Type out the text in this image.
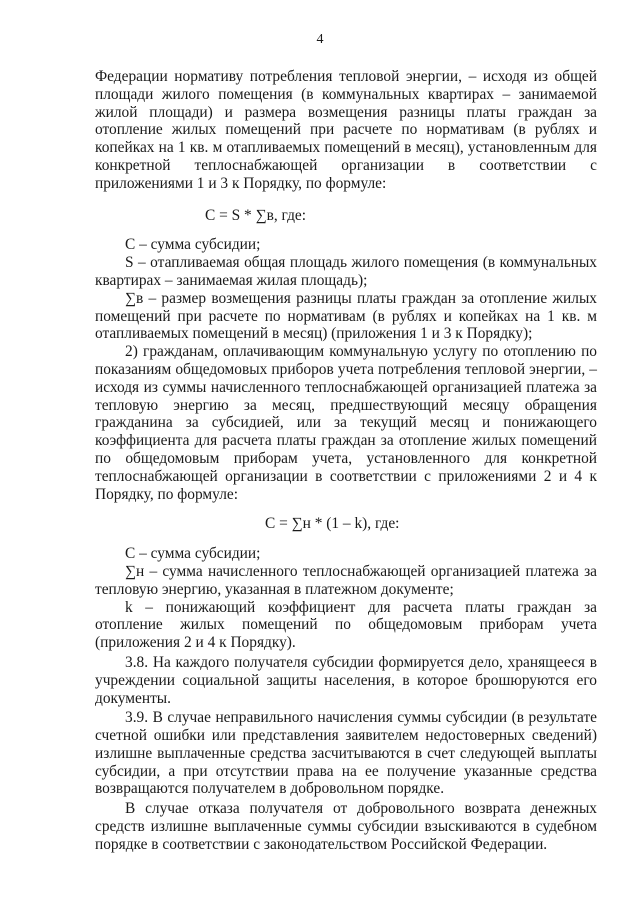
4

Федерации нормативу потребления тепловой энергии, – исходя из общей площади жилого помещения (в коммунальных квартирах – занимаемой жилой площади) и размера возмещения разницы платы граждан за отопление жилых помещений при расчете по нормативам (в рублях и копейках на 1 кв. м отапливаемых помещений в месяц), установленным для конкретной теплоснабжающей организации в соответствии с приложениями 1 и 3 к Порядку, по формуле:

С = S * ∑в, где:

С – сумма субсидии;

S – отапливаемая общая площадь жилого помещения (в коммунальных квартирах – занимаемая жилая площадь);

∑в – размер возмещения разницы платы граждан за отопление жилых помещений при расчете по нормативам (в рублях и копейках на 1 кв. м отапливаемых помещений в месяц) (приложения 1 и 3 к Порядку);

2) гражданам, оплачивающим коммунальную услугу по отоплению по показаниям общедомовых приборов учета потребления тепловой энергии, – исходя из суммы начисленного теплоснабжающей организацией платежа за тепловую энергию за месяц, предшествующий месяцу обращения гражданина за субсидией, или за текущий месяц и понижающего коэффициента для расчета платы граждан за отопление жилых помещений по общедомовым приборам учета, установленного для конкретной теплоснабжающей организации в соответствии с приложениями 2 и 4 к Порядку, по формуле:

С = ∑н * (1 – k), где:

С – сумма субсидии;

∑н – сумма начисленного теплоснабжающей организацией платежа за тепловую энергию, указанная в платежном документе;

k – понижающий коэффициент для расчета платы граждан за отопление жилых помещений по общедомовым приборам учета (приложения 2 и 4 к Порядку).

3.8. На каждого получателя субсидии формируется дело, хранящееся в учреждении социальной защиты населения, в которое брошюруются его документы.

3.9. В случае неправильного начисления суммы субсидии (в результате счетной ошибки или представления заявителем недостоверных сведений) излишне выплаченные средства засчитываются в счет следующей выплаты субсидии, а при отсутствии права на ее получение указанные средства возвращаются получателем в добровольном порядке.

В случае отказа получателя от добровольного возврата денежных средств излишне выплаченные суммы субсидии взыскиваются в судебном порядке в соответствии с законодательством Российской Федерации.
